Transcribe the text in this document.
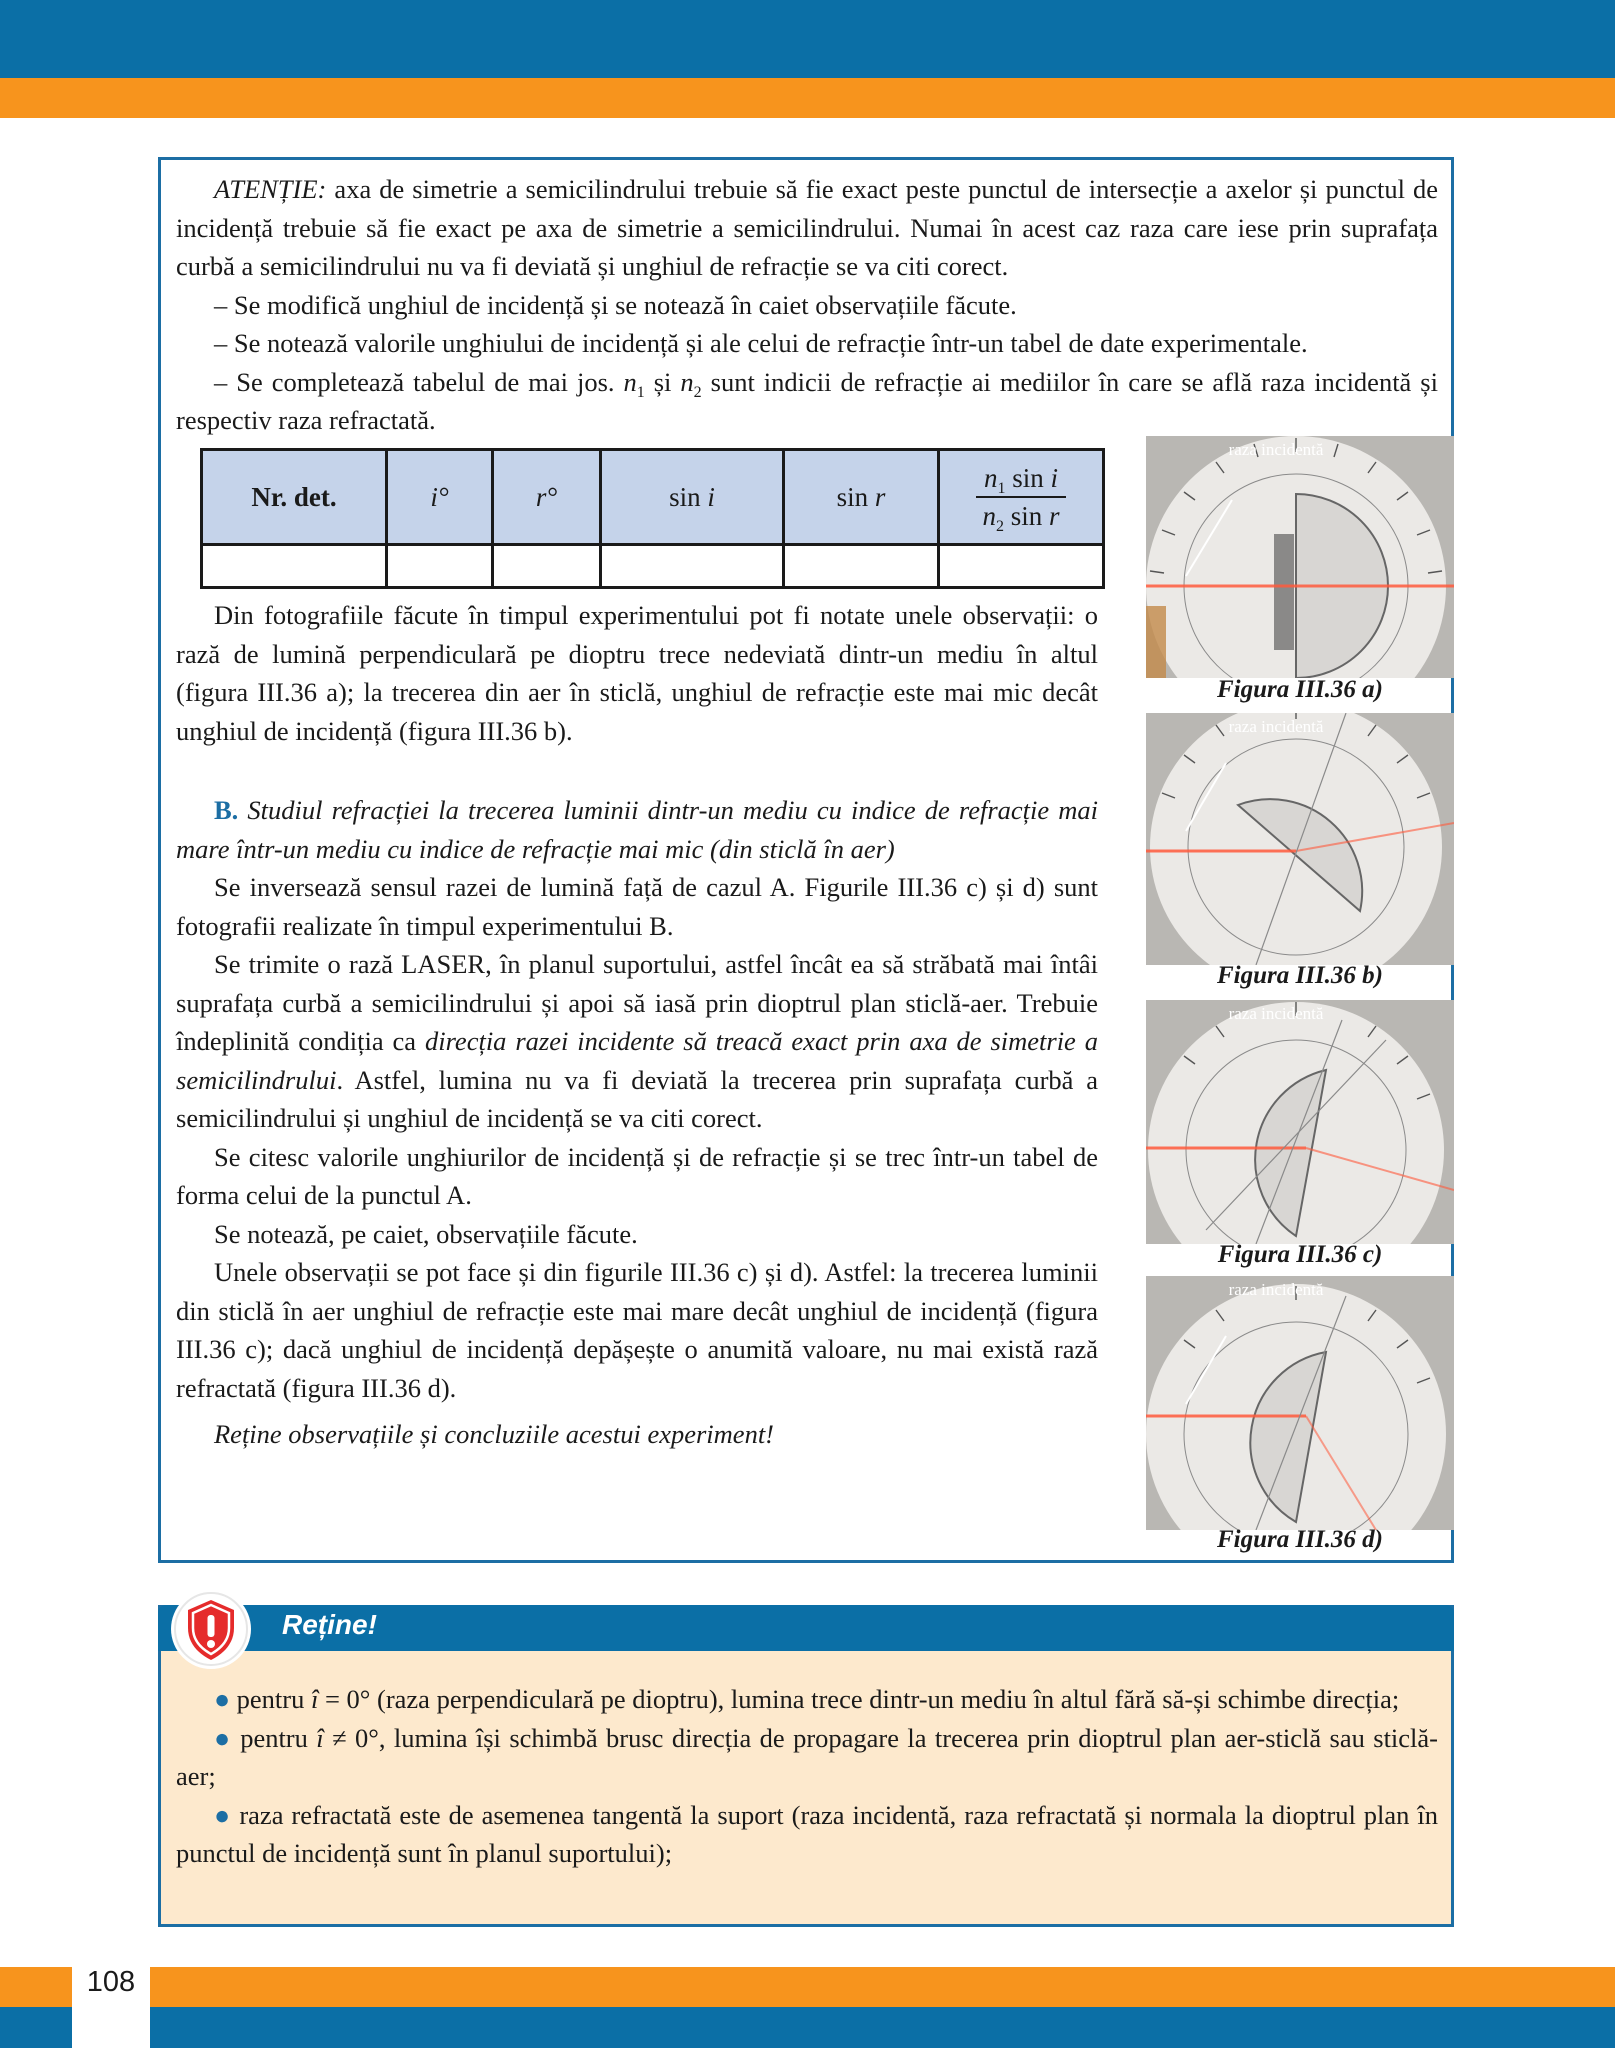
108

ATENȚIE: axa de simetrie a semicilindrului trebuie să fie exact peste punctul de intersecție a axelor și punctul de incidență trebuie să fie exact pe axa de simetrie a semicilindrului. Numai în acest caz raza care iese prin suprafața curbă a semicilindrului nu va fi deviată și unghiul de refracție se va citi corect.

– Se modifică unghiul de incidență și se notează în caiet observațiile făcute.

– Se notează valorile unghiului de incidență și ale celui de refracție într-un tabel de date experimentale.

– Se completează tabelul de mai jos. $n_1$ și $n_2$ sunt indicii de refracție ai mediilor în care se află raza incidentă și respectiv raza refractată.

Nr. det.	i°	r°	sin i	sin r	$\frac{n_1 \sin i}{n_2 \sin r}$

Din fotografiile făcute în timpul experimentului pot fi notate unele observații: o rază de lumină perpendiculară pe dioptru trece nedeviată dintr-un mediu în altul (figura III.36 a); la trecerea din aer în sticlă, unghiul de refracție este mai mic decât unghiul de incidență (figura III.36 b).

B. Studiul refracției la trecerea luminii dintr-un mediu cu indice de refracție mai mare într-un mediu cu indice de refracție mai mic (din sticlă în aer)

Se inversează sensul razei de lumină față de cazul A. Figurile III.36 c) și d) sunt fotografii realizate în timpul experimentului B.

Se trimite o rază LASER, în planul suportului, astfel încât ea să străbată mai întâi suprafața curbă a semicilindrului și apoi să iasă prin dioptrul plan sticlă-aer. Trebuie îndeplinită condiția ca direcția razei incidente să treacă exact prin axa de simetrie a semicilindrului. Astfel, lumina nu va fi deviată la trecerea prin suprafața curbă a semicilindrului și unghiul de incidență se va citi corect.

Se citesc valorile unghiurilor de incidență și de refracție și se trec într-un tabel de forma celui de la punctul A.

Se notează, pe caiet, observațiile făcute.

Unele observații se pot face și din figurile III.36 c) și d). Astfel: la trecerea luminii din sticlă în aer unghiul de refracție este mai mare decât unghiul de incidență (figura III.36 c); dacă unghiul de incidență depășește o anumită valoare, nu mai există rază refractată (figura III.36 d).

Reține observațiile și concluziile acestui experiment!

raza incidentă
Figura III.36 a)
raza incidentă
Figura III.36 b)
raza incidentă
Figura III.36 c)
raza incidentă
Figura III.36 d)
Reține!

● pentru î = 0° (raza perpendiculară pe dioptru), lumina trece dintr-un mediu în altul fără să-și schimbe direcția;

● pentru î ≠ 0°, lumina își schimbă brusc direcția de propagare la trecerea prin dioptrul plan aer-sticlă sau sticlă-aer;

● raza refractată este de asemenea tangentă la suport (raza incidentă, raza refractată și normala la dioptrul plan în punctul de incidență sunt în planul suportului);
